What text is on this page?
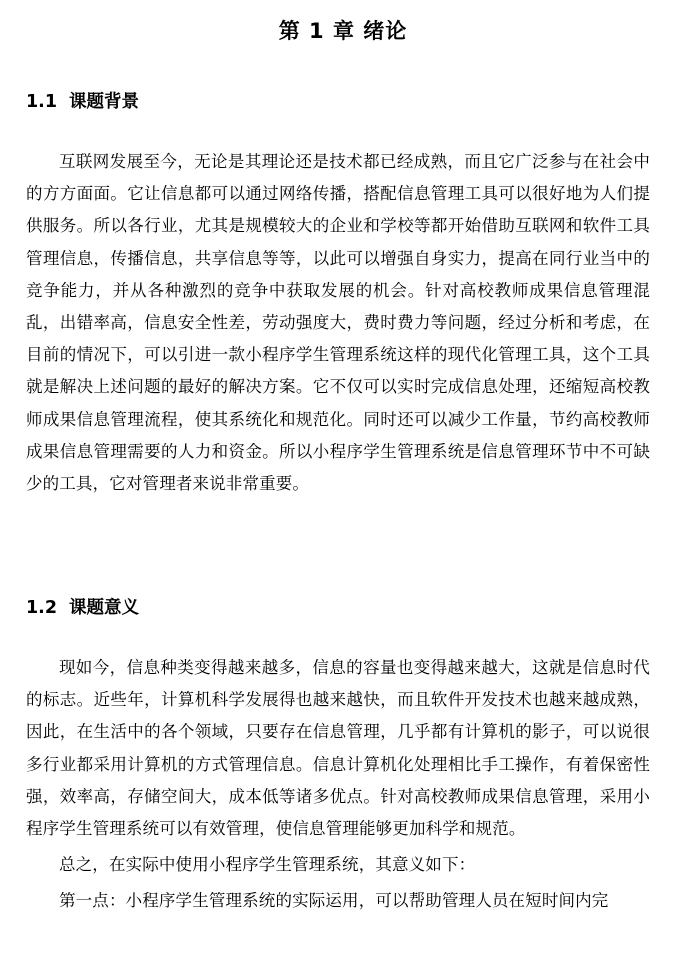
第 1 章 绪论
1.1 课题背景

互联网发展至今，无论是其理论还是技术都已经成熟，而且它广泛参与在社会中的方方面面。它让信息都可以通过网络传播，搭配信息管理工具可以很好地为人们提供服务。所以各行业，尤其是规模较大的企业和学校等都开始借助互联网和软件工具管理信息，传播信息，共享信息等等，以此可以增强自身实力，提高在同行业当中的竞争能力，并从各种激烈的竞争中获取发展的机会。针对高校教师成果信息管理混乱，出错率高，信息安全性差，劳动强度大，费时费力等问题，经过分析和考虑，在目前的情况下，可以引进一款小程序学生管理系统这样的现代化管理工具，这个工具就是解决上述问题的最好的解决方案。它不仅可以实时完成信息处理，还缩短高校教师成果信息管理流程，使其系统化和规范化。同时还可以减少工作量，节约高校教师成果信息管理需要的人力和资金。所以小程序学生管理系统是信息管理环节中不可缺少的工具，它对管理者来说非常重要。

1.2 课题意义

现如今，信息种类变得越来越多，信息的容量也变得越来越大，这就是信息时代的标志。近些年，计算机科学发展得也越来越快，而且软件开发技术也越来越成熟，因此，在生活中的各个领域，只要存在信息管理，几乎都有计算机的影子，可以说很多行业都采用计算机的方式管理信息。信息计算机化处理相比手工操作，有着保密性强，效率高，存储空间大，成本低等诸多优点。针对高校教师成果信息管理，采用小程序学生管理系统可以有效管理，使信息管理能够更加科学和规范。

总之，在实际中使用小程序学生管理系统，其意义如下：

第一点：小程序学生管理系统的实际运用，可以帮助管理人员在短时间内完
